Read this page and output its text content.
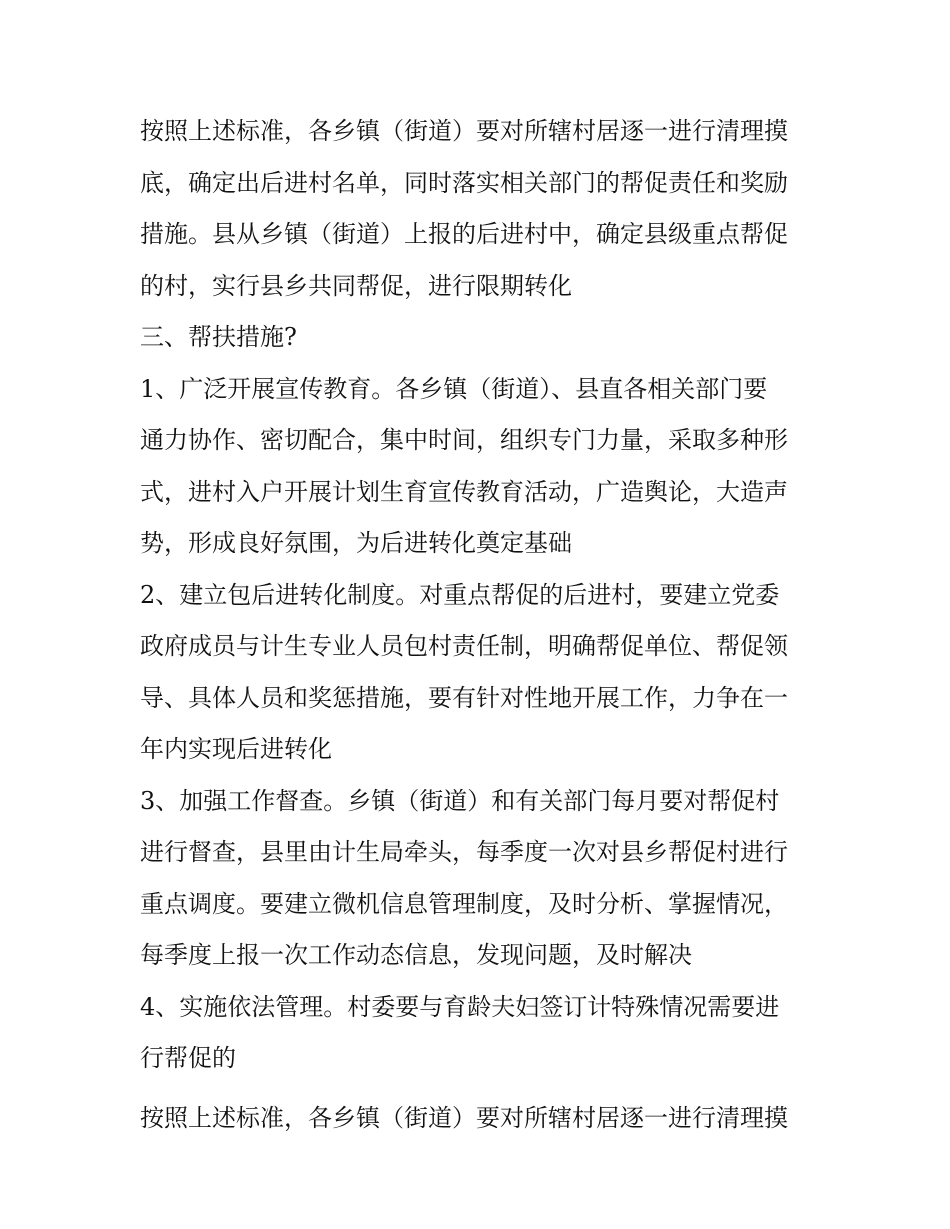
按照上述标准，各乡镇（街道）要对所辖村居逐一进行清理摸
底，确定出后进村名单，同时落实相关部门的帮促责任和奖励
措施。县从乡镇（街道）上报的后进村中，确定县级重点帮促
的村，实行县乡共同帮促，进行限期转化
三、帮扶措施?
1、广泛开展宣传教育。各乡镇（街道）、县直各相关部门要
通力协作、密切配合，集中时间，组织专门力量，采取多种形
式，进村入户开展计划生育宣传教育活动，广造舆论，大造声
势，形成良好氛围，为后进转化奠定基础
2、建立包后进转化制度。对重点帮促的后进村，要建立党委
政府成员与计生专业人员包村责任制，明确帮促单位、帮促领
导、具体人员和奖惩措施，要有针对性地开展工作，力争在一
年内实现后进转化
3、加强工作督查。乡镇（街道）和有关部门每月要对帮促村
进行督查，县里由计生局牵头，每季度一次对县乡帮促村进行
重点调度。要建立微机信息管理制度，及时分析、掌握情况，
每季度上报一次工作动态信息，发现问题，及时解决
4、实施依法管理。村委要与育龄夫妇签订计特殊情况需要进
行帮促的
按照上述标准，各乡镇（街道）要对所辖村居逐一进行清理摸
